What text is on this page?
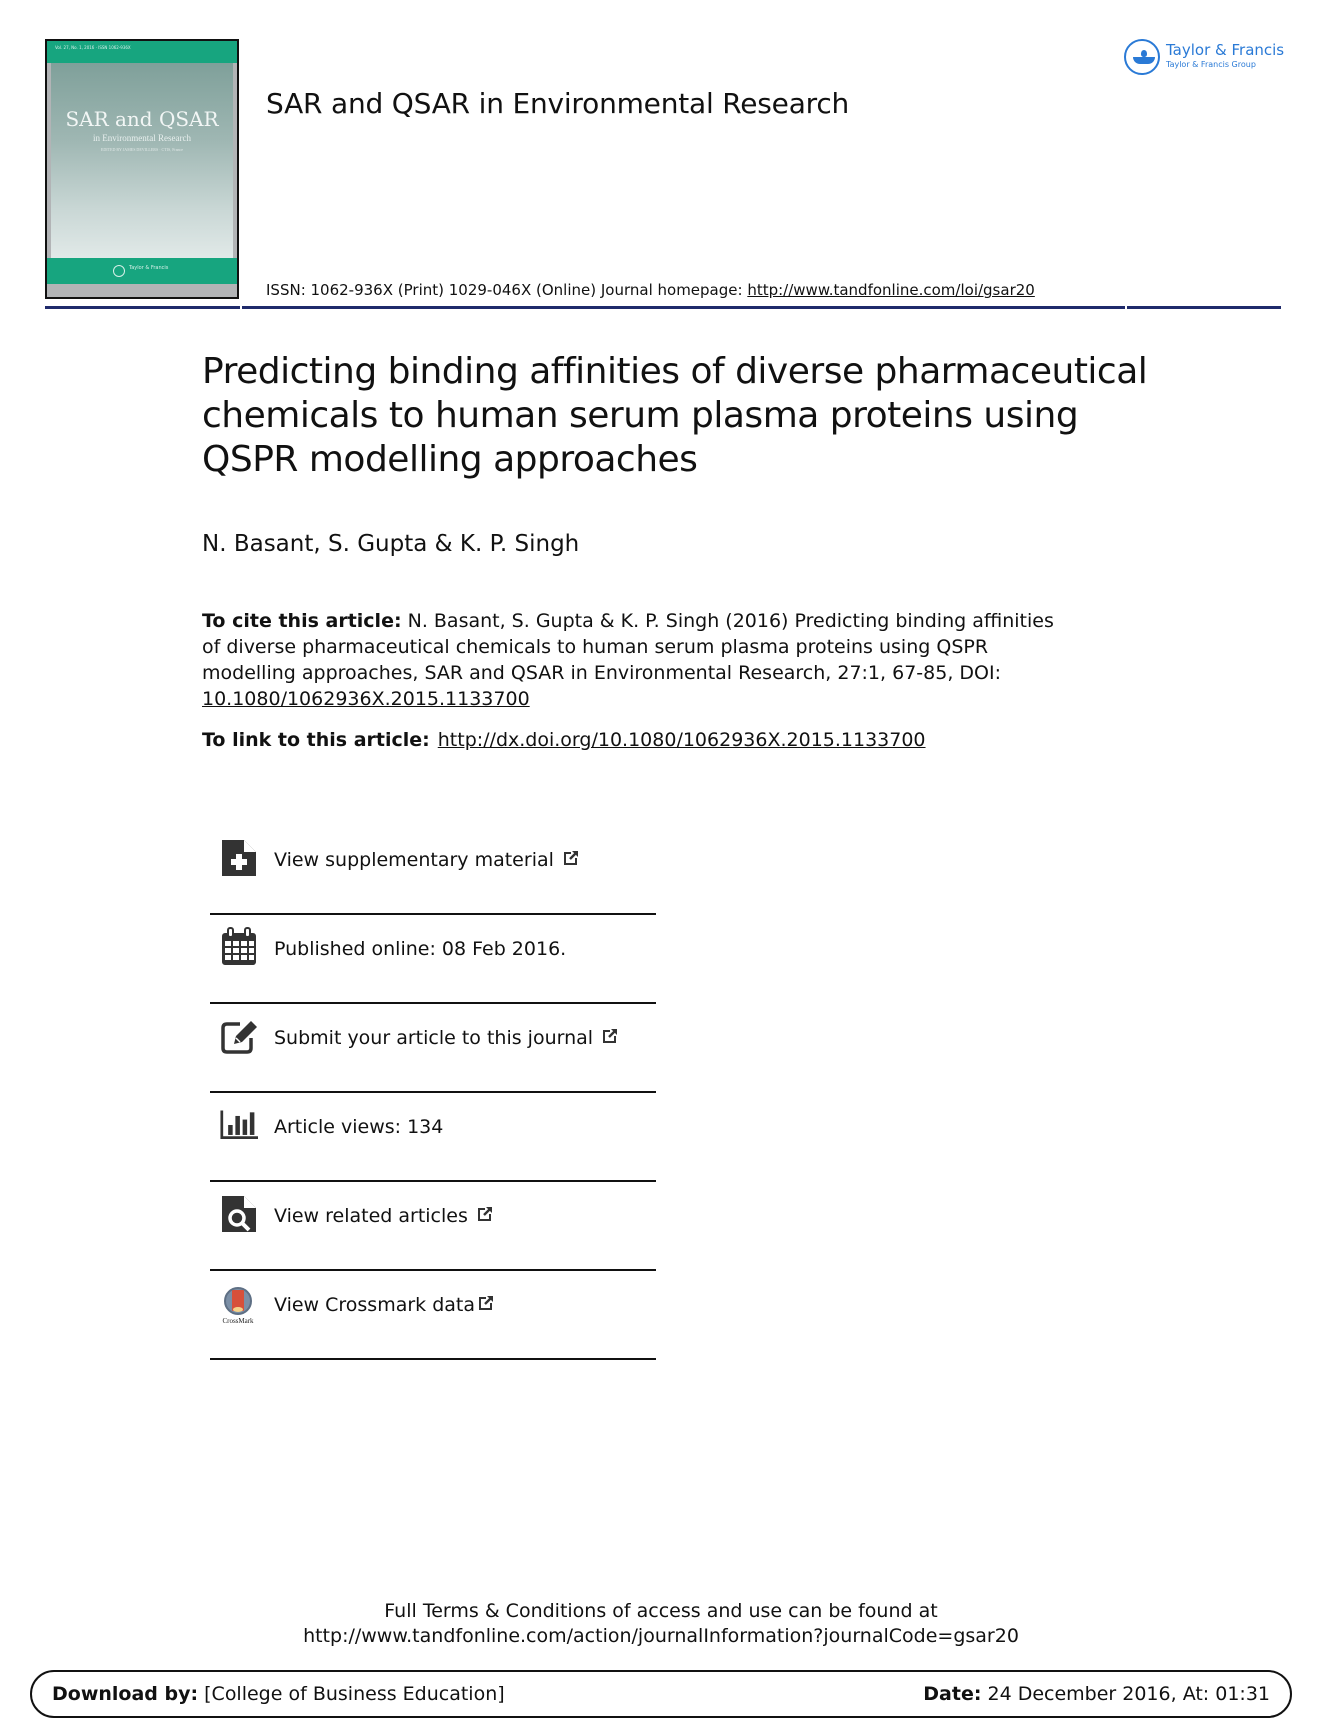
Vol. 27, No. 1, 2016 · ISSN 1062-936X
SAR and QSAR
in Environmental Research
EDITED BY JAMES DEVILLERS · CTIS, France
Taylor & Francis
SAR and QSAR in Environmental Research
ISSN: 1062-936X (Print) 1029-046X (Online) Journal homepage: http://www.tandfonline.com/loi/gsar20
Taylor & Francis
Taylor & Francis Group
Predicting binding affinities of diverse pharmaceutical chemicals to human serum plasma proteins using QSPR modelling approaches
N. Basant, S. Gupta & K. P. Singh
To cite this article: N. Basant, S. Gupta & K. P. Singh (2016) Predicting binding affinities of diverse pharmaceutical chemicals to human serum plasma proteins using QSPR modelling approaches, SAR and QSAR in Environmental Research, 27:1, 67-85, DOI:
10.1080/1062936X.2015.1133700
To link to this article: http://dx.doi.org/10.1080/1062936X.2015.1133700
View supplementary material
Published online: 08 Feb 2016.
Submit your article to this journal
Article views: 134
View related articles
CrossMark
View Crossmark data
Full Terms & Conditions of access and use can be found at
http://www.tandfonline.com/action/journalInformation?journalCode=gsar20
Download by: [College of Business Education]	Date: 24 December 2016, At: 01:31
